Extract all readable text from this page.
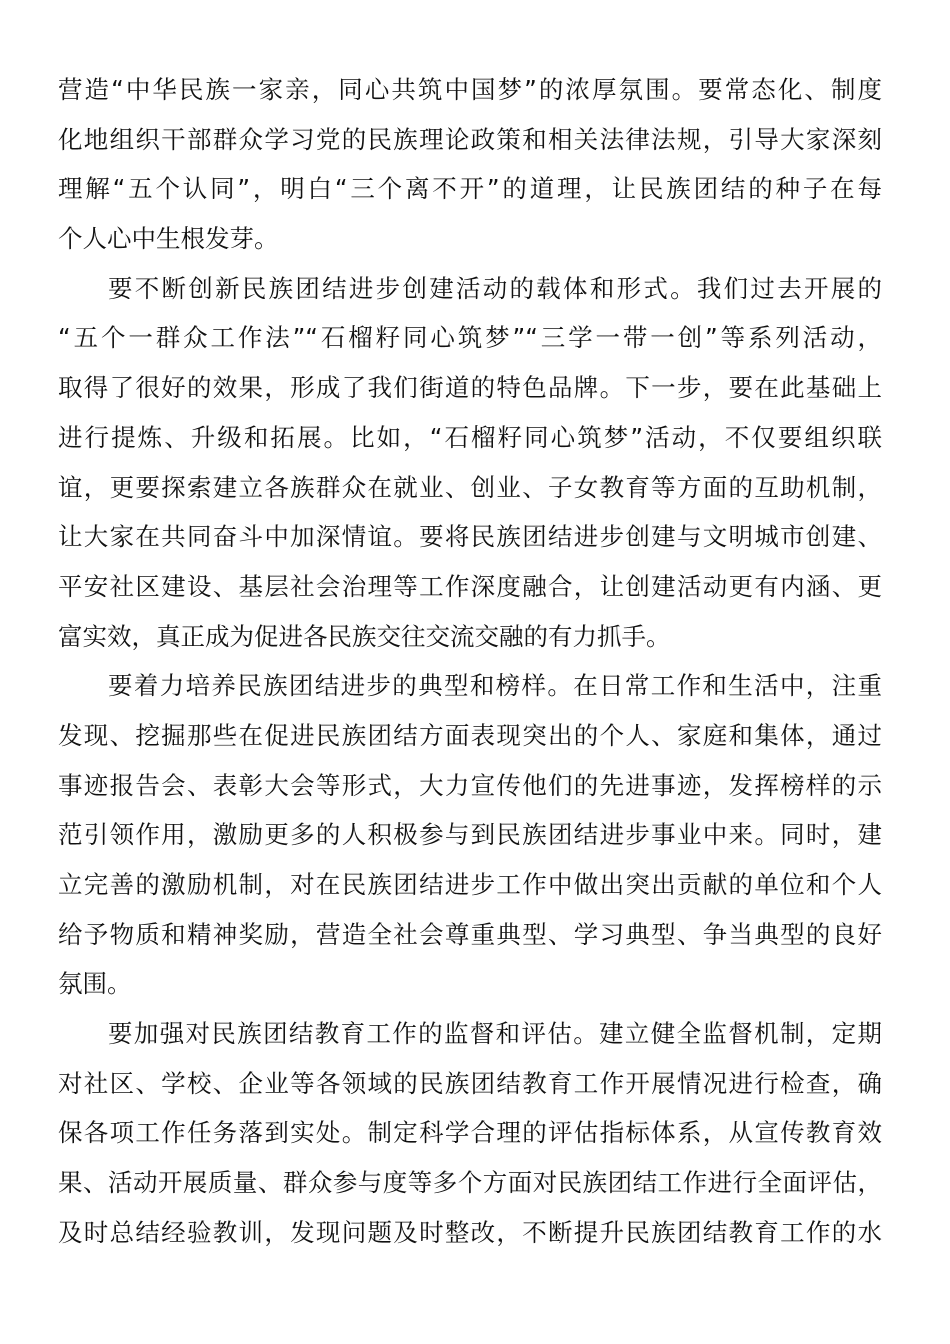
营造“中华民族一家亲，同心共筑中国梦”的浓厚氛围。要常态化、制度
化地组织干部群众学习党的民族理论政策和相关法律法规，引导大家深刻
理解“五个认同”，明白“三个离不开”的道理，让民族团结的种子在每
个人心中生根发芽。
要不断创新民族团结进步创建活动的载体和形式。我们过去开展的
“五个一群众工作法”“石榴籽同心筑梦”“三学一带一创”等系列活动，
取得了很好的效果，形成了我们街道的特色品牌。下一步，要在此基础上
进行提炼、升级和拓展。比如，“石榴籽同心筑梦”活动，不仅要组织联
谊，更要探索建立各族群众在就业、创业、子女教育等方面的互助机制，
让大家在共同奋斗中加深情谊。要将民族团结进步创建与文明城市创建、
平安社区建设、基层社会治理等工作深度融合，让创建活动更有内涵、更
富实效，真正成为促进各民族交往交流交融的有力抓手。
要着力培养民族团结进步的典型和榜样。在日常工作和生活中，注重
发现、挖掘那些在促进民族团结方面表现突出的个人、家庭和集体，通过
事迹报告会、表彰大会等形式，大力宣传他们的先进事迹，发挥榜样的示
范引领作用，激励更多的人积极参与到民族团结进步事业中来。同时，建
立完善的激励机制，对在民族团结进步工作中做出突出贡献的单位和个人
给予物质和精神奖励，营造全社会尊重典型、学习典型、争当典型的良好
氛围。
要加强对民族团结教育工作的监督和评估。建立健全监督机制，定期
对社区、学校、企业等各领域的民族团结教育工作开展情况进行检查，确
保各项工作任务落到实处。制定科学合理的评估指标体系，从宣传教育效
果、活动开展质量、群众参与度等多个方面对民族团结工作进行全面评估，
及时总结经验教训，发现问题及时整改，不断提升民族团结教育工作的水
